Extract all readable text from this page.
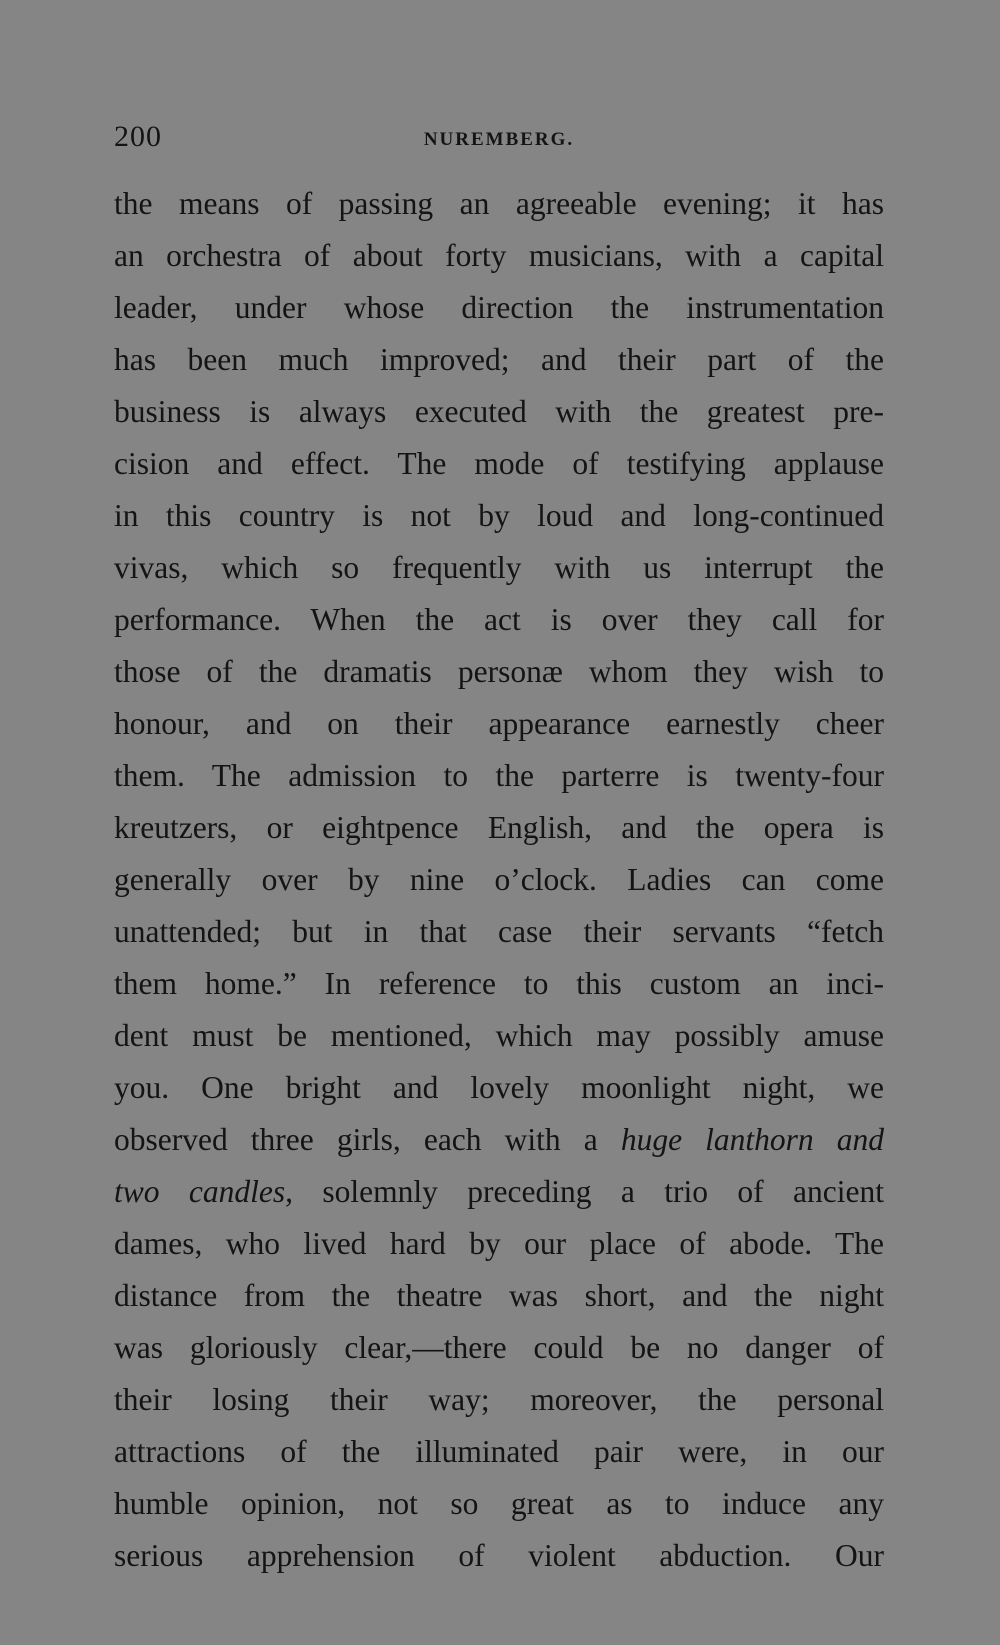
200	NUREMBERG.
the means of passing an agreeable evening; it has
an orchestra of about forty musicians, with a capital
leader, under whose direction the instrumentation
has been much improved; and their part of the
business is always executed with the greatest pre-
cision and effect. The mode of testifying applause
in this country is not by loud and long-continued
vivas, which so frequently with us interrupt the
performance. When the act is over they call for
those of the dramatis personæ whom they wish to
honour, and on their appearance earnestly cheer
them. The admission to the parterre is twenty-four
kreutzers, or eightpence English, and the opera is
generally over by nine o’clock. Ladies can come
unattended; but in that case their servants “fetch
them home.” In reference to this custom an inci-
dent must be mentioned, which may possibly amuse
you. One bright and lovely moonlight night, we
observed three girls, each with a huge lanthorn and
two candles, solemnly preceding a trio of ancient
dames, who lived hard by our place of abode. The
distance from the theatre was short, and the night
was gloriously clear,—there could be no danger of
their losing their way; moreover, the personal
attractions of the illuminated pair were, in our
humble opinion, not so great as to induce any
serious apprehension of violent abduction. Our
